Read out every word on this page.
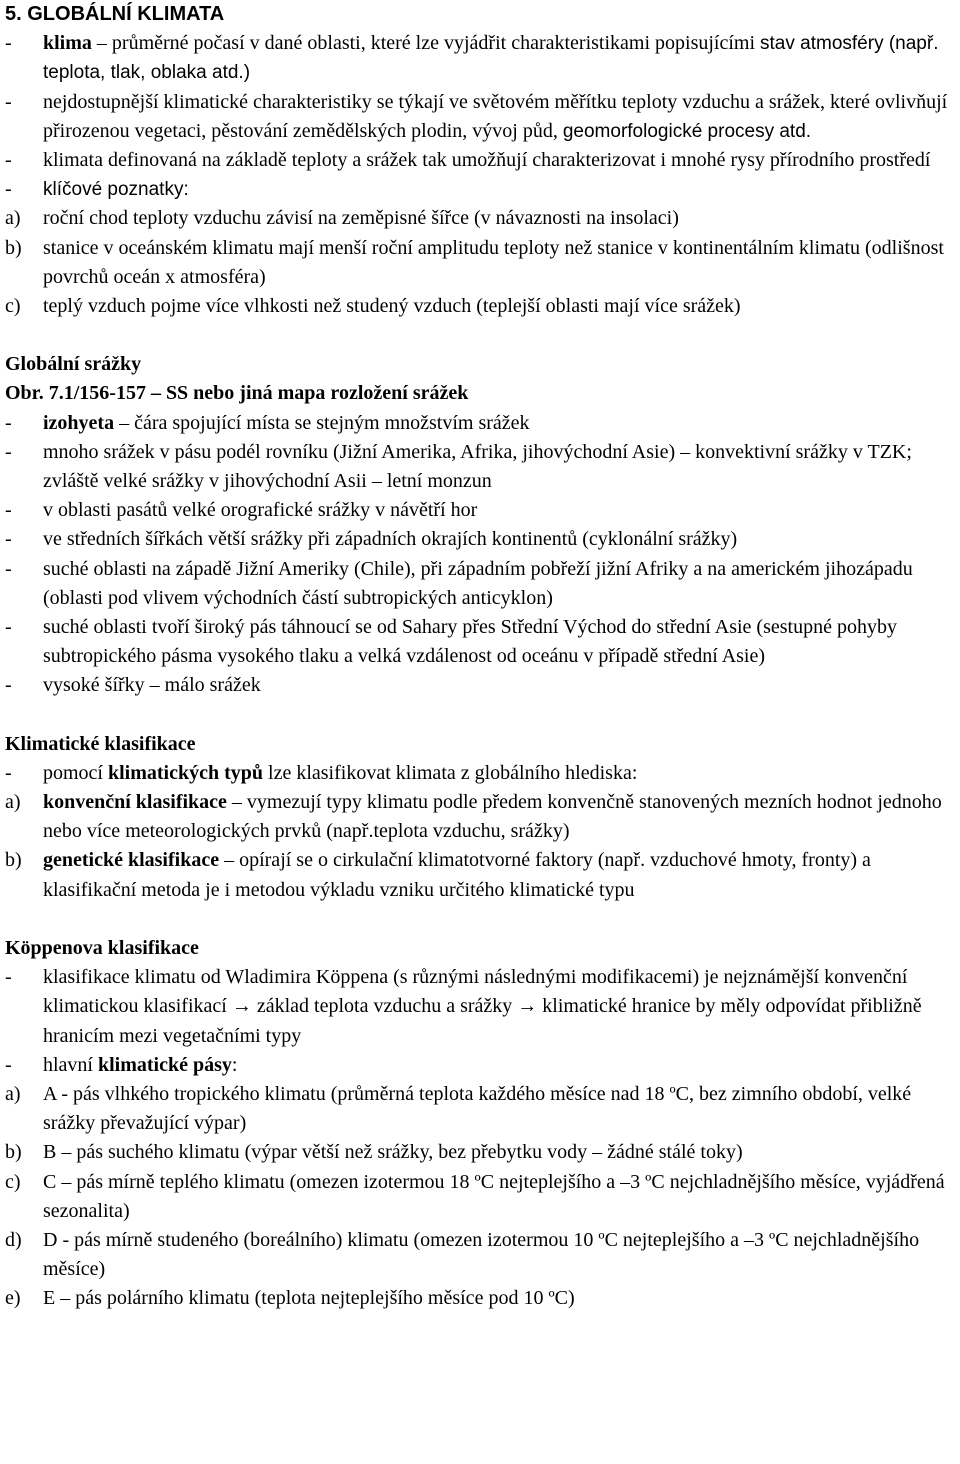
5. GLOBÁLNÍ KLIMATA

- klima – průměrné počasí v dané oblasti, které lze vyjádřit charakteristikami popisujícími stav atmosféry (např. teplota, tlak, oblaka atd.)

- nejdostupnější klimatické charakteristiky se týkají ve světovém měřítku teploty vzduchu a srážek, které ovlivňují přirozenou vegetaci, pěstování zemědělských plodin, vývoj půd, geomorfologické procesy atd.

- klimata definovaná na základě teploty a srážek tak umožňují charakterizovat i mnohé rysy přírodního prostředí

- klíčové poznatky:

a) roční chod teploty vzduchu závisí na zeměpisné šířce (v návaznosti na insolaci)

b) stanice v oceánském klimatu mají menší roční amplitudu teploty než stanice v kontinentálním klimatu (odlišnost povrchů oceán x atmosféra)

c) teplý vzduch pojme více vlhkosti než studený vzduch (teplejší oblasti mají více srážek)

Globální srážky

Obr. 7.1/156-157 – SS nebo jiná mapa rozložení srážek

- izohyeta – čára spojující místa se stejným množstvím srážek

- mnoho srážek v pásu podél rovníku (Jižní Amerika, Afrika, jihovýchodní Asie) – konvektivní srážky v TZK; zvláště velké srážky v jihovýchodní Asii – letní monzun

- v oblasti pasátů velké orografické srážky v návětří hor

- ve středních šířkách větší srážky při západních okrajích kontinentů (cyklonální srážky)

- suché oblasti na západě Jižní Ameriky (Chile), při západním pobřeží jižní Afriky a na americkém jihozápadu (oblasti pod vlivem východních částí subtropických anticyklon)

- suché oblasti tvoří široký pás táhnoucí se od Sahary přes Střední Východ do střední Asie (sestupné pohyby subtropického pásma vysokého tlaku a velká vzdálenost od oceánu v případě střední Asie)

- vysoké šířky – málo srážek

Klimatické klasifikace

- pomocí klimatických typů lze klasifikovat klimata z globálního hlediska:

a) konvenční klasifikace – vymezují typy klimatu podle předem konvenčně stanovených mezních hodnot jednoho nebo více meteorologických prvků (např.teplota vzduchu, srážky)

b) genetické klasifikace – opírají se o cirkulační klimatotvorné faktory (např. vzduchové hmoty, fronty) a klasifikační metoda je i metodou výkladu vzniku určitého klimatické typu

Köppenova klasifikace

- klasifikace klimatu od Wladimira Köppena (s různými následnými modifikacemi) je nejznámější konvenční klimatickou klasifikací → základ teplota vzduchu a srážky → klimatické hranice by měly odpovídat přibližně hranicím mezi vegetačními typy

- hlavní klimatické pásy:

a) A - pás vlhkého tropického klimatu (průměrná teplota každého měsíce nad 18 ºC, bez zimního období, velké srážky převažující výpar)

b) B – pás suchého klimatu (výpar větší než srážky, bez přebytku vody – žádné stálé toky)

c) C – pás mírně teplého klimatu (omezen izotermou 18 ºC nejteplejšího a –3 ºC nejchladnějšího měsíce, vyjádřená sezonalita)

d) D - pás mírně studeného (boreálního) klimatu (omezen izotermou 10 ºC nejteplejšího a –3 ºC nejchladnějšího měsíce)

e) E – pás polárního klimatu (teplota nejteplejšího měsíce pod 10 ºC)
